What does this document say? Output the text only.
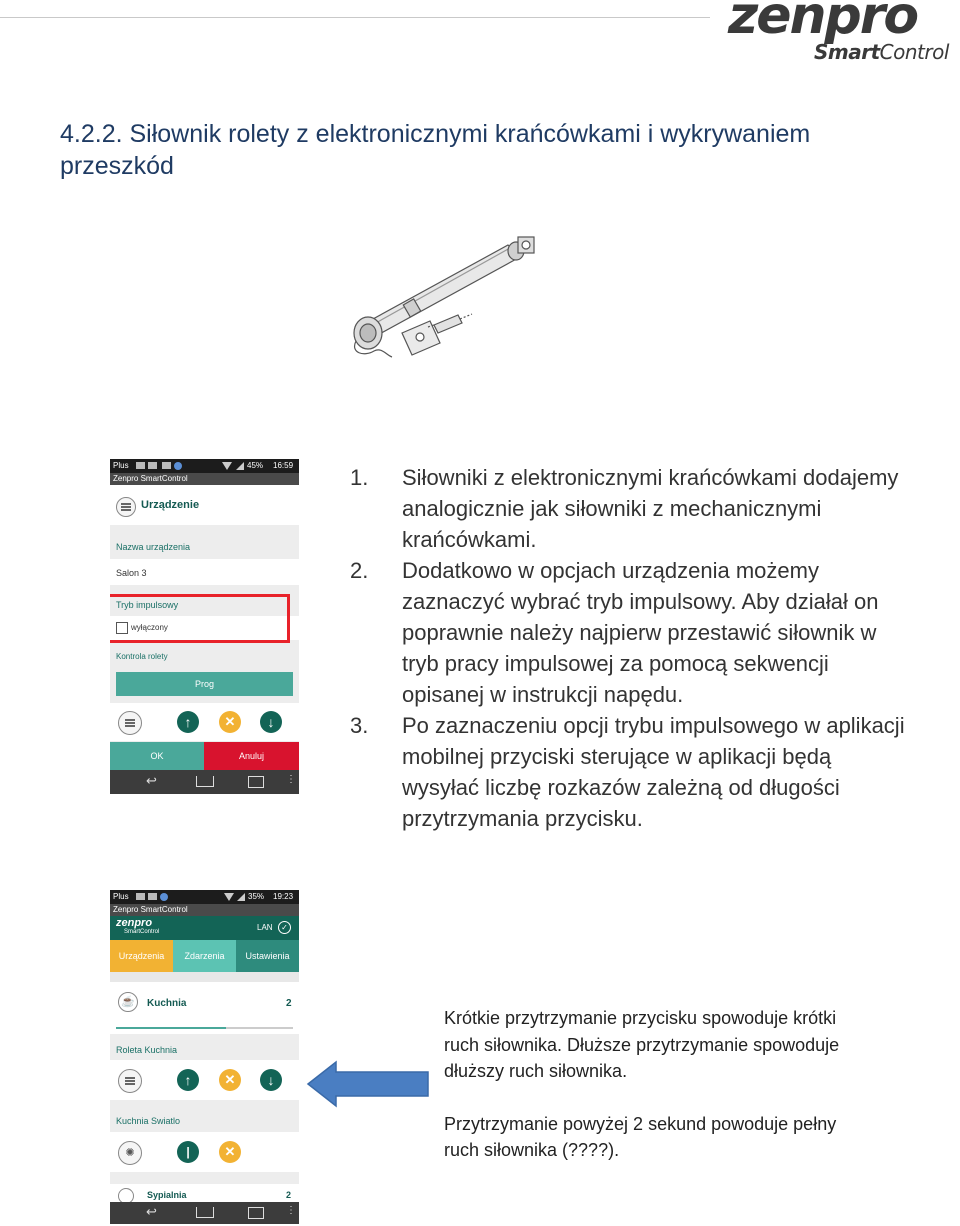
zenpro
SmartControl
4.2.2. Siłownik rolety z elektronicznymi krańcówkami i wykrywaniem przeszkód
Plus	45% 16:59
Zenpro SmartControl
Urządzenie
Nazwa urządzenia
Salon 3
Tryb impulsowy
wyłączony
Kontrola rolety
Prog
↑	✕	↓
OK	Anuluj
↩	⋮
1. Siłowniki z elektronicznymi krańcówkami dodajemy analogicznie jak siłowniki z mechanicznymi krańcówkami.
2. Dodatkowo w opcjach urządzenia możemy zaznaczyć wybrać tryb impulsowy. Aby działał on poprawnie należy najpierw przestawić siłownik w tryb pracy impulsowej za pomocą sekwencji opisanej w instrukcji napędu.
3. Po zaznaczeniu opcji trybu impulsowego w aplikacji mobilnej przyciski sterujące w aplikacji będą wysyłać liczbę rozkazów zależną od długości przytrzymania przycisku.
Plus	35% 19:23
Zenpro SmartControl
zenpro
SmartControl	LAN	✓
Urządzenia	Zdarzenia	Ustawienia
☕	Kuchnia	2
Roleta Kuchnia
↑	✕	↓
Kuchnia Swiatlo
✺	|	✕
Sypialnia	2
↩	⋮

Krótkie przytrzymanie przycisku spowoduje krótki ruch siłownika. Dłuższe przytrzymanie spowoduje dłuższy ruch siłownika.

Przytrzymanie powyżej 2 sekund powoduje pełny ruch siłownika (????).
